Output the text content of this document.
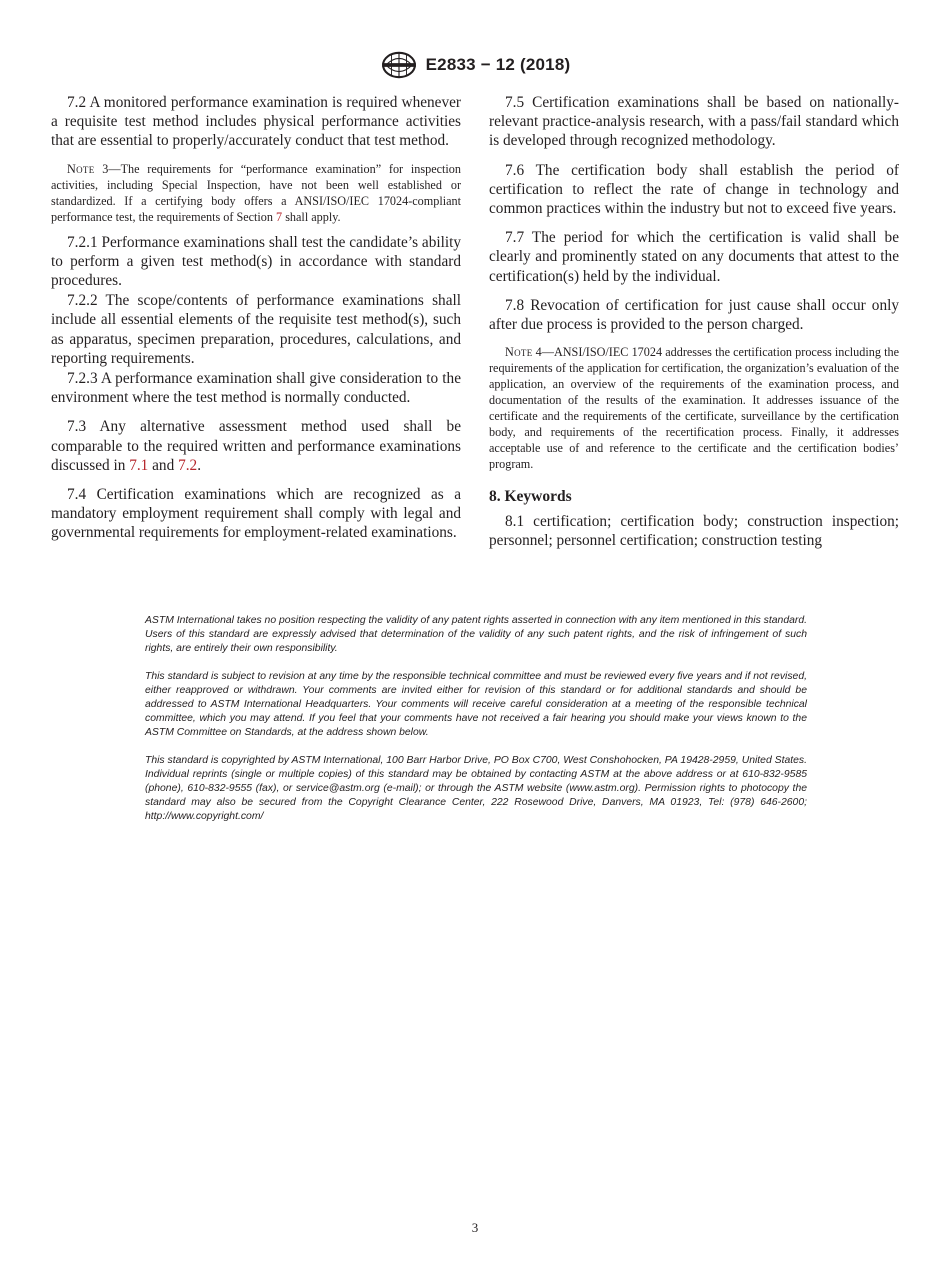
E2833 − 12 (2018)

7.2 A monitored performance examination is required whenever a requisite test method includes physical performance activities that are essential to properly/accurately conduct that test method.

Note 3—The requirements for “performance examination” for inspection activities, including Special Inspection, have not been well established or standardized. If a certifying body offers a ANSI/ISO/IEC 17024-compliant performance test, the requirements of Section 7 shall apply.

7.2.1 Performance examinations shall test the candidate’s ability to perform a given test method(s) in accordance with standard procedures.

7.2.2 The scope/contents of performance examinations shall include all essential elements of the requisite test method(s), such as apparatus, specimen preparation, procedures, calculations, and reporting requirements.

7.2.3 A performance examination shall give consideration to the environment where the test method is normally conducted.

7.3 Any alternative assessment method used shall be comparable to the required written and performance examinations discussed in 7.1 and 7.2.

7.4 Certification examinations which are recognized as a mandatory employment requirement shall comply with legal and governmental requirements for employment-related examinations.

7.5 Certification examinations shall be based on nationally-relevant practice-analysis research, with a pass/fail standard which is developed through recognized methodology.

7.6 The certification body shall establish the period of certification to reflect the rate of change in technology and common practices within the industry but not to exceed five years.

7.7 The period for which the certification is valid shall be clearly and prominently stated on any documents that attest to the certification(s) held by the individual.

7.8 Revocation of certification for just cause shall occur only after due process is provided to the person charged.

Note 4—ANSI/ISO/IEC 17024 addresses the certification process including the requirements of the application for certification, the organization’s evaluation of the application, an overview of the requirements of the examination process, and documentation of the results of the examination. It addresses issuance of the certificate and the requirements of the certificate, surveillance by the certification body, and requirements of the recertification process. Finally, it addresses acceptable use of and reference to the certificate and the certification bodies’ program.

8. Keywords

8.1 certification; certification body; construction inspection; personnel; personnel certification; construction testing

ASTM International takes no position respecting the validity of any patent rights asserted in connection with any item mentioned in this standard. Users of this standard are expressly advised that determination of the validity of any such patent rights, and the risk of infringement of such rights, are entirely their own responsibility.

This standard is subject to revision at any time by the responsible technical committee and must be reviewed every five years and if not revised, either reapproved or withdrawn. Your comments are invited either for revision of this standard or for additional standards and should be addressed to ASTM International Headquarters. Your comments will receive careful consideration at a meeting of the responsible technical committee, which you may attend. If you feel that your comments have not received a fair hearing you should make your views known to the ASTM Committee on Standards, at the address shown below.

This standard is copyrighted by ASTM International, 100 Barr Harbor Drive, PO Box C700, West Conshohocken, PA 19428-2959, United States. Individual reprints (single or multiple copies) of this standard may be obtained by contacting ASTM at the above address or at 610-832-9585 (phone), 610-832-9555 (fax), or service@astm.org (e-mail); or through the ASTM website (www.astm.org). Permission rights to photocopy the standard may also be secured from the Copyright Clearance Center, 222 Rosewood Drive, Danvers, MA 01923, Tel: (978) 646-2600; http://www.copyright.com/

3
